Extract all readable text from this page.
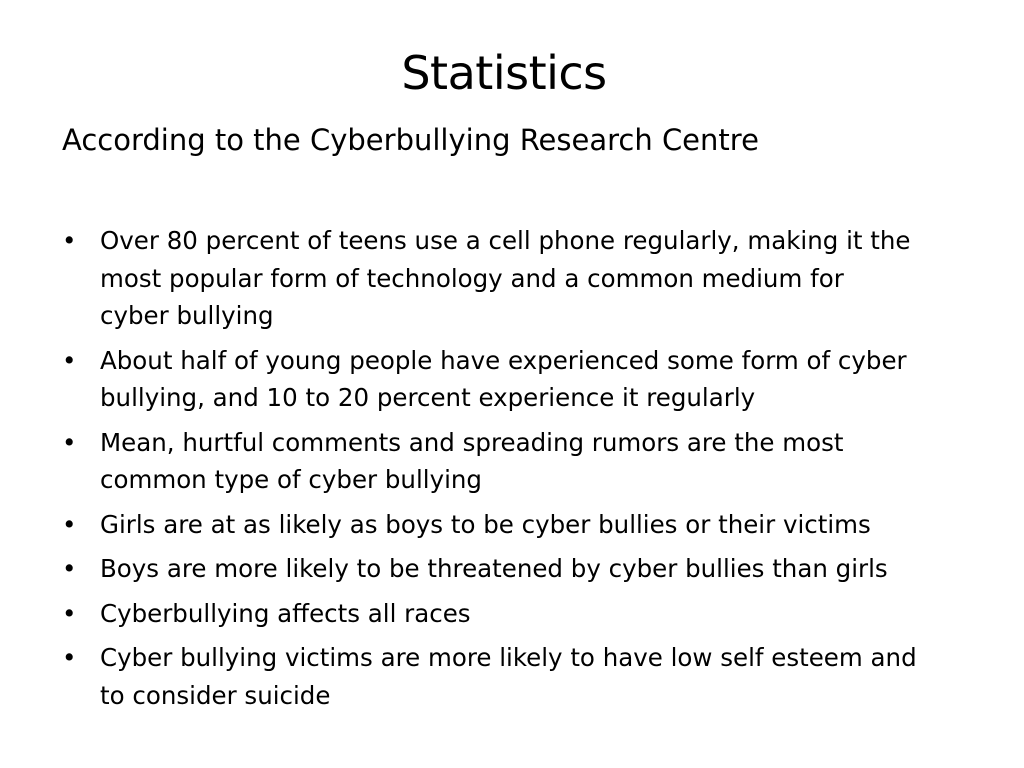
Statistics
According to the Cyberbullying Research Centre
• Over 80 percent of teens use a cell phone regularly, making it the
most popular form of technology and a common medium for
cyber bullying
• About half of young people have experienced some form of cyber
bullying, and 10 to 20 percent experience it regularly
• Mean, hurtful comments and spreading rumors are the most
common type of cyber bullying
• Girls are at as likely as boys to be cyber bullies or their victims
• Boys are more likely to be threatened by cyber bullies than girls
• Cyberbullying affects all races
• Cyber bullying victims are more likely to have low self esteem and
to consider suicide
